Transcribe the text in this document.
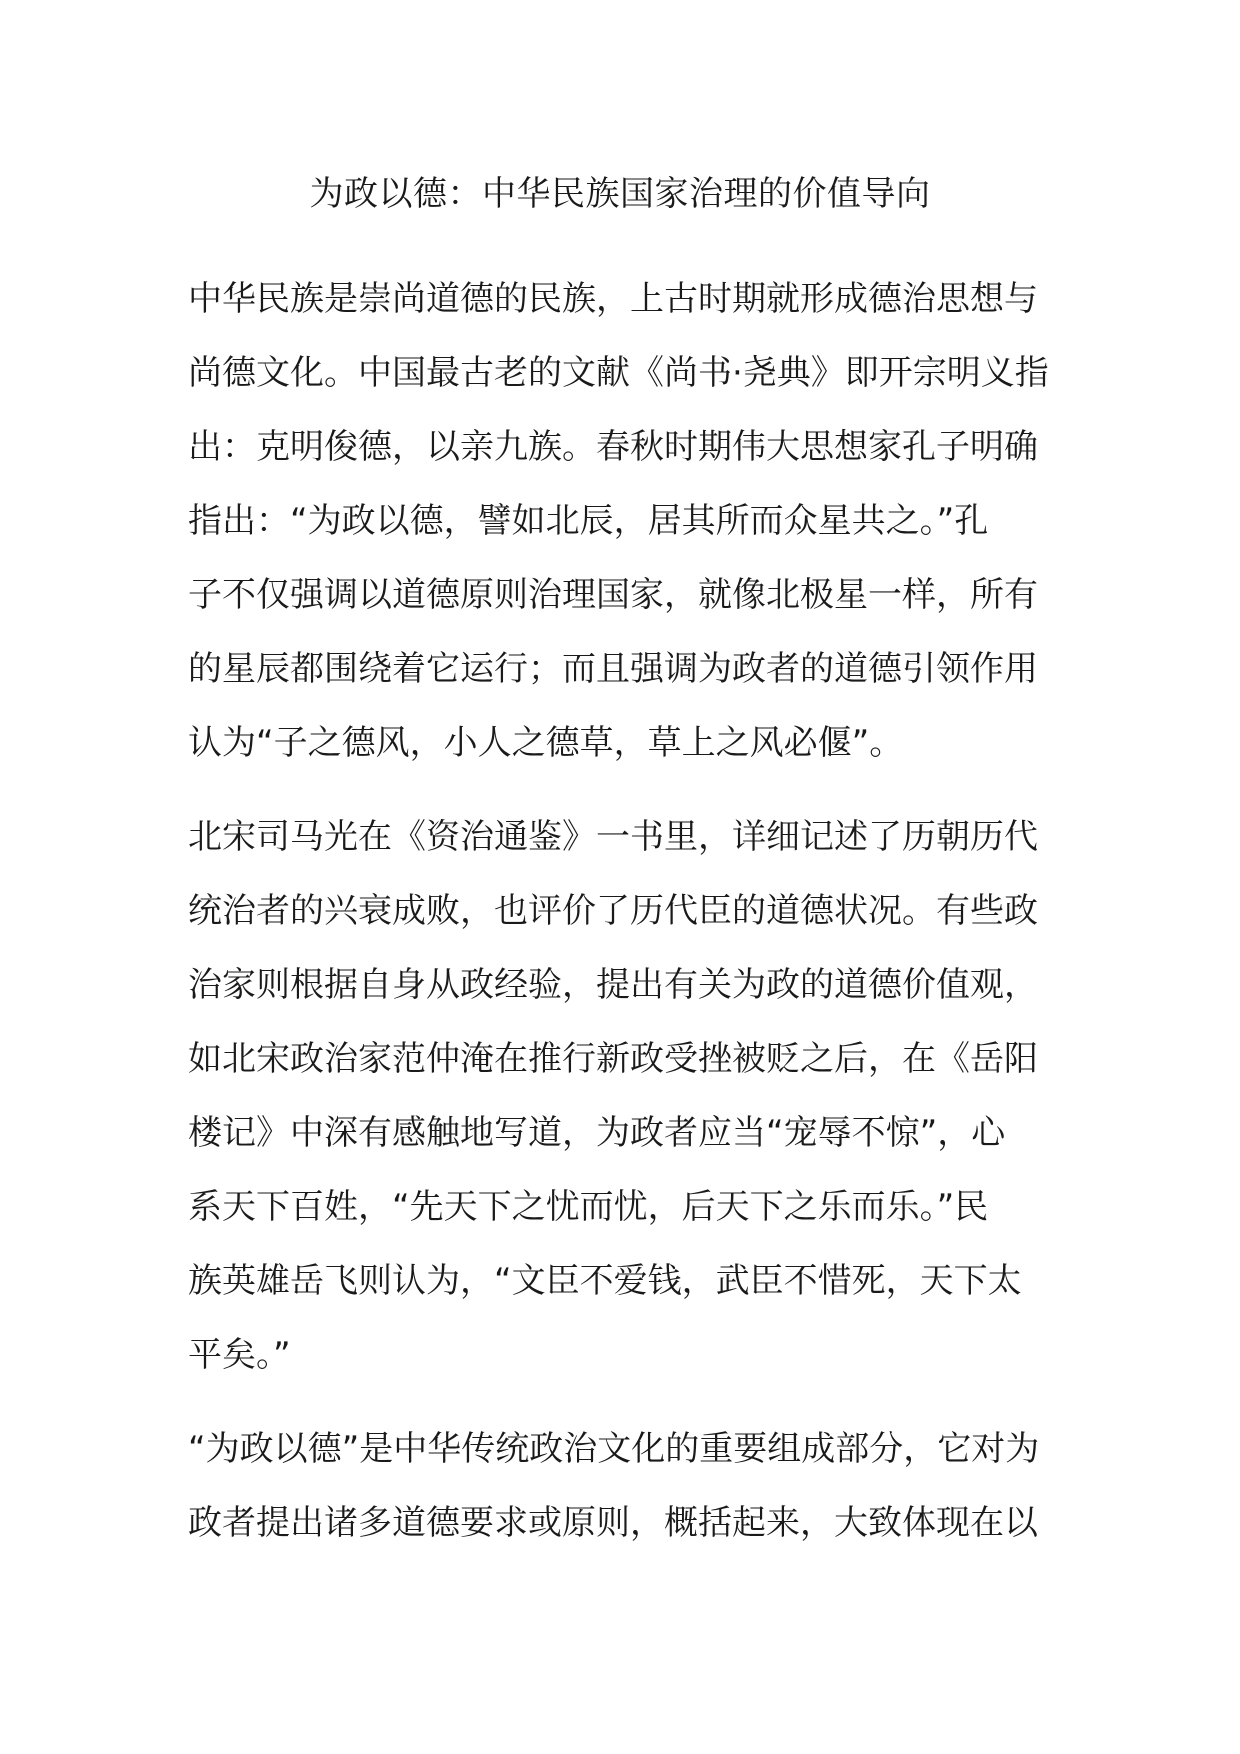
为政以德：中华民族国家治理的价值导向

中华民族是崇尚道德的民族，上古时期就形成德治思想与
尚德文化。中国最古老的文献《尚书·尧典》即开宗明义指
出：克明俊德，以亲九族。春秋时期伟大思想家孔子明确
指出：“为政以德，譬如北辰，居其所而众星共之。”孔
子不仅强调以道德原则治理国家，就像北极星一样，所有
的星辰都围绕着它运行；而且强调为政者的道德引领作用
认为“子之德风，小人之德草，草上之风必偃”。

北宋司马光在《资治通鉴》一书里，详细记述了历朝历代
统治者的兴衰成败，也评价了历代臣的道德状况。有些政
治家则根据自身从政经验，提出有关为政的道德价值观，
如北宋政治家范仲淹在推行新政受挫被贬之后，在《岳阳
楼记》中深有感触地写道，为政者应当“宠辱不惊”，心
系天下百姓，“先天下之忧而忧，后天下之乐而乐。”民
族英雄岳飞则认为，“文臣不爱钱，武臣不惜死，天下太
平矣。”

“为政以德”是中华传统政治文化的重要组成部分，它对为
政者提出诸多道德要求或原则，概括起来，大致体现在以
